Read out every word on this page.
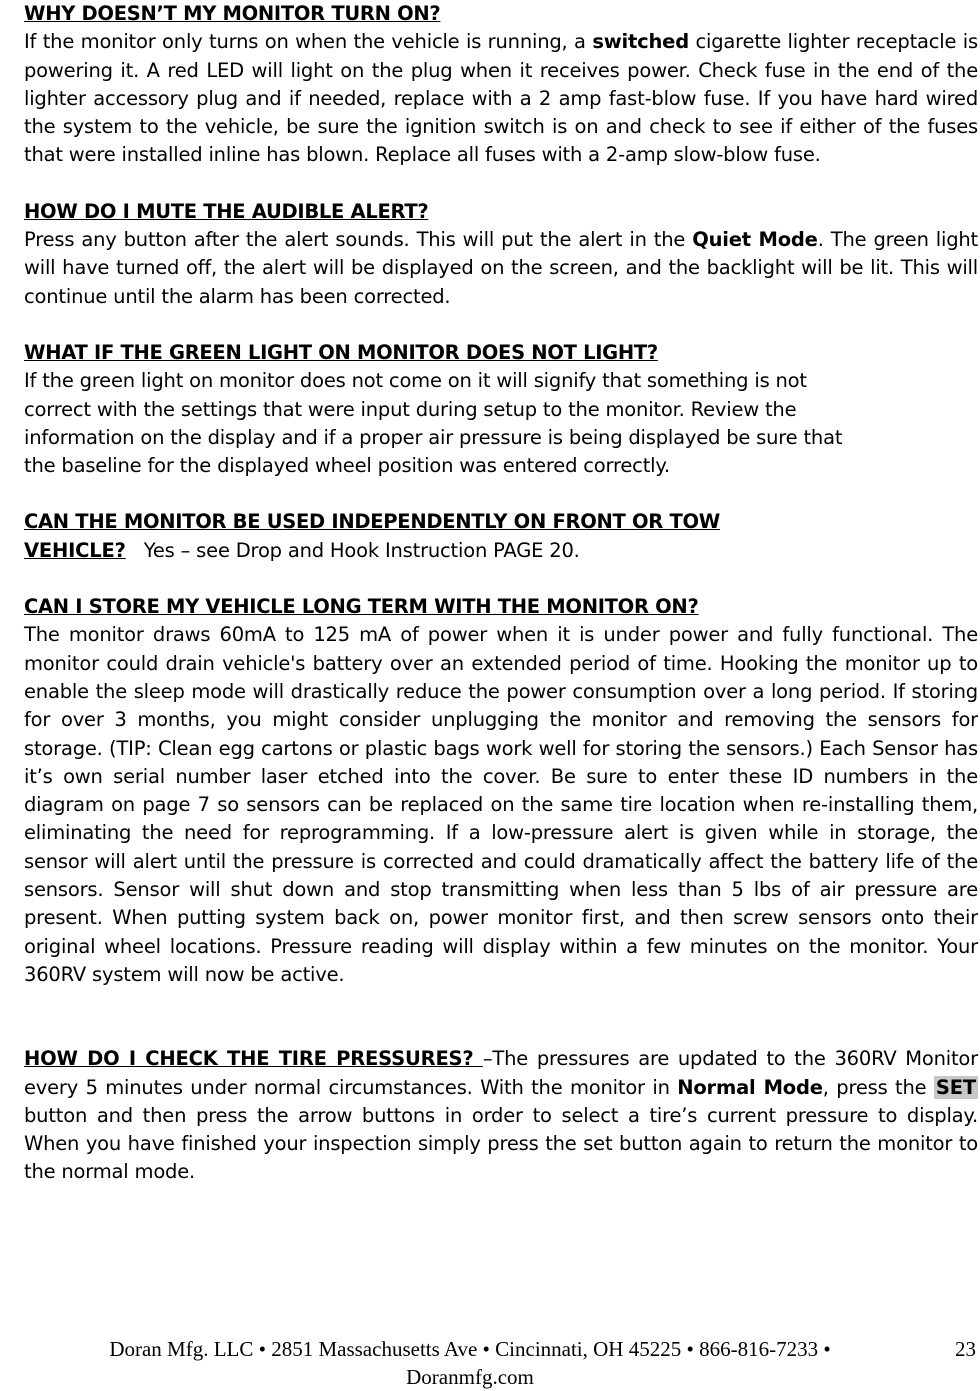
WHY DOESN’T MY MONITOR TURN ON?

If the monitor only turns on when the vehicle is running, a switched cigarette lighter receptacle is powering it. A red LED will light on the plug when it receives power. Check fuse in the end of the lighter accessory plug and if needed, replace with a 2 amp fast-blow fuse. If you have hard wired the system to the vehicle, be sure the ignition switch is on and check to see if either of the fuses that were installed inline has blown. Replace all fuses with a 2-amp slow-blow fuse.

HOW DO I MUTE THE AUDIBLE ALERT?

Press any button after the alert sounds. This will put the alert in the Quiet Mode. The green light will have turned off, the alert will be displayed on the screen, and the backlight will be lit. This will continue until the alarm has been corrected.

WHAT IF THE GREEN LIGHT ON MONITOR DOES NOT LIGHT?

If the green light on monitor does not come on it will signify that something is not

correct with the settings that were input during setup to the monitor. Review the

information on the display and if a proper air pressure is being displayed be sure that

the baseline for the displayed wheel position was entered correctly.

CAN THE MONITOR BE USED INDEPENDENTLY ON FRONT OR TOW

VEHICLE?   Yes – see Drop and Hook Instruction PAGE 20.

CAN I STORE MY VEHICLE LONG TERM WITH THE MONITOR ON?

The monitor draws 60mA to 125 mA of power when it is under power and fully functional. The monitor could drain vehicle's battery over an extended period of time. Hooking the monitor up to enable the sleep mode will drastically reduce the power consumption over a long period. If storing for over 3 months, you might consider unplugging the monitor and removing the sensors for storage. (TIP: Clean egg cartons or plastic bags work well for storing the sensors.) Each Sensor has it’s own serial number laser etched into the cover. Be sure to enter these ID numbers in the diagram on page 7 so sensors can be replaced on the same tire location when re-installing them, eliminating the need for reprogramming. If a low-pressure alert is given while in storage, the sensor will alert until the pressure is corrected and could dramatically affect the battery life of the sensors. Sensor will shut down and stop transmitting when less than 5 lbs of air pressure are present. When putting system back on, power monitor first, and then screw sensors onto their original wheel locations. Pressure reading will display within a few minutes on the monitor. Your 360RV system will now be active.

HOW DO I CHECK THE TIRE PRESSURES? –The pressures are updated to the 360RV Monitor every 5 minutes under normal circumstances. With the monitor in Normal Mode, press the SET button and then press the arrow buttons in order to select a tire’s current pressure to display. When you have finished your inspection simply press the set button again to return the monitor to the normal mode.

Doran Mfg. LLC • 2851 Massachusetts Ave • Cincinnati, OH 45225 • 866-816-7233 •
Doranmfg.com
23
